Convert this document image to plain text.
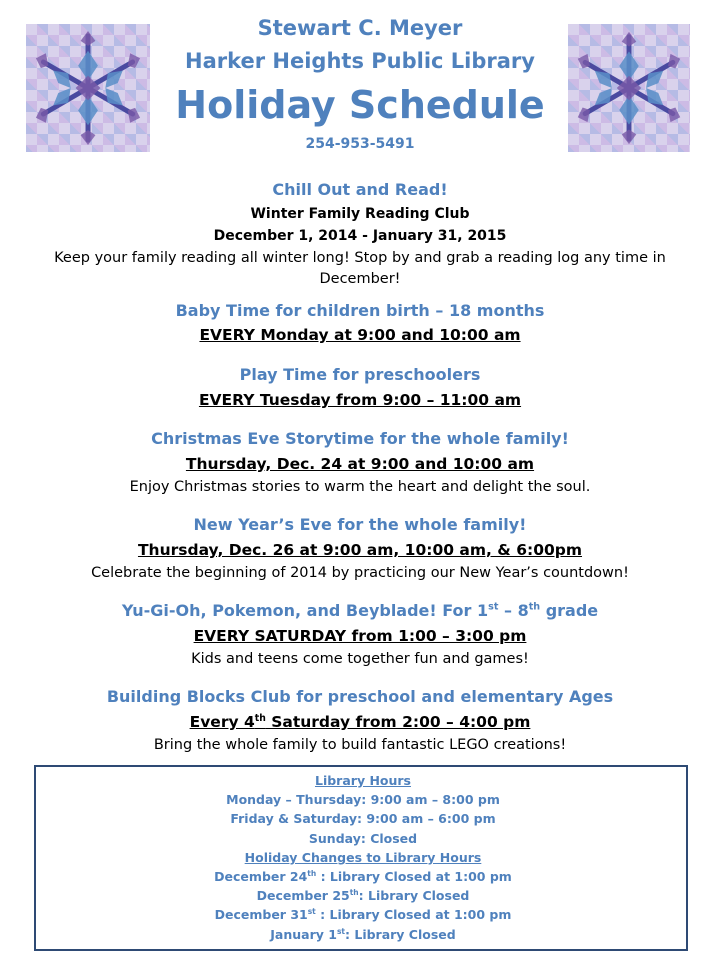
Stewart C. Meyer
Harker Heights Public Library
Holiday Schedule
254-953-5491
Chill Out and Read!
Winter Family Reading Club
December 1, 2014 - January 31, 2015
Keep your family reading all winter long! Stop by and grab a reading log any time in
December!
Baby Time for children birth – 18 months
EVERY Monday at 9:00 and 10:00 am
Play Time for preschoolers
EVERY Tuesday from 9:00 – 11:00 am
Christmas Eve Storytime for the whole family!
Thursday, Dec. 24 at 9:00 and 10:00 am
Enjoy Christmas stories to warm the heart and delight the soul.
New Year’s Eve for the whole family!
Thursday, Dec. 26 at 9:00 am, 10:00 am, & 6:00pm
Celebrate the beginning of 2014 by practicing our New Year’s countdown!
Yu-Gi-Oh, Pokemon, and Beyblade! For 1st – 8th grade
EVERY SATURDAY from 1:00 – 3:00 pm
Kids and teens come together fun and games!
Building Blocks Club for preschool and elementary Ages
Every 4th Saturday from 2:00 – 4:00 pm
Bring the whole family to build fantastic LEGO creations!
Library Hours
Monday – Thursday: 9:00 am – 8:00 pm
Friday & Saturday: 9:00 am – 6:00 pm
Sunday: Closed
Holiday Changes to Library Hours
December 24th : Library Closed at 1:00 pm
December 25th: Library Closed
December 31st : Library Closed at 1:00 pm
January 1st: Library Closed
